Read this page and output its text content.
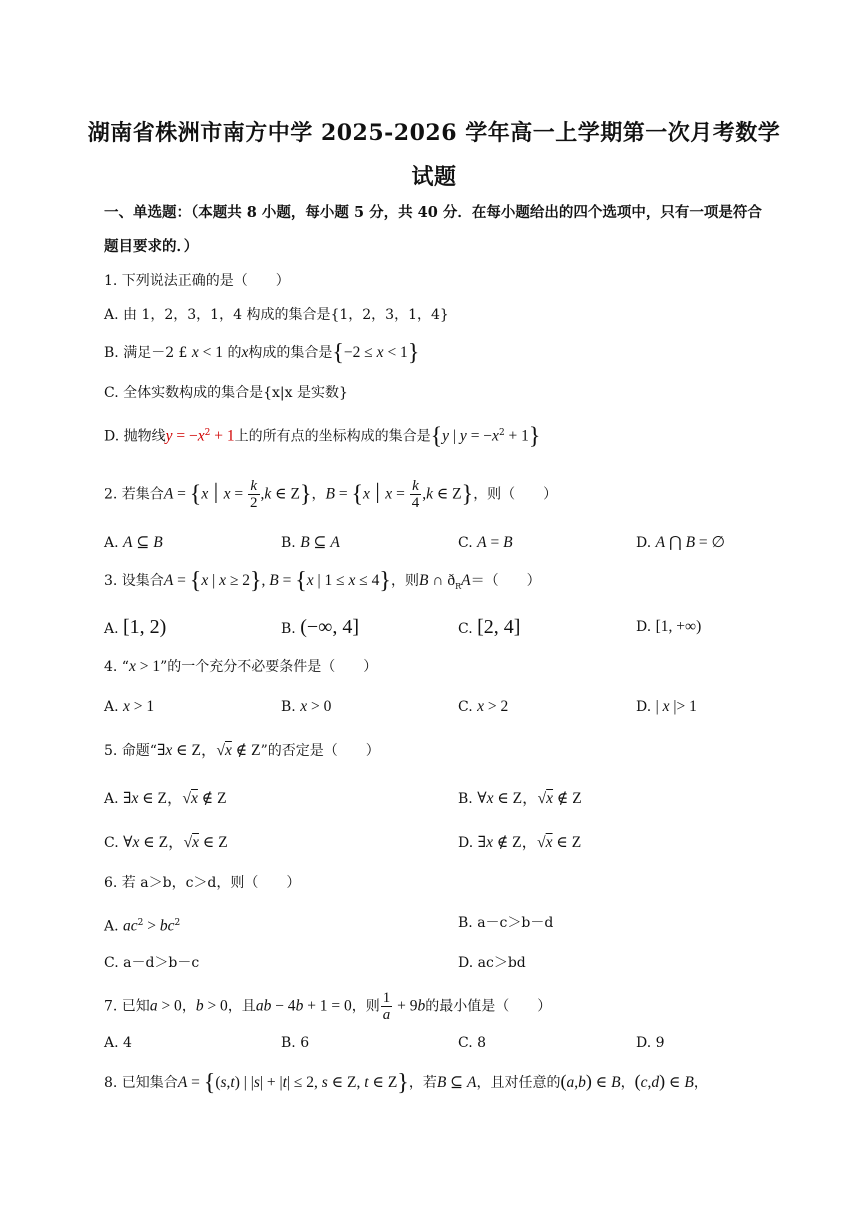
湖南省株洲市南方中学 2025-2026 学年高一上学期第一次月考数学
试题
一、单选题：（本题共 8 小题，每小题 5 分，共 40 分．在每小题给出的四个选项中，只有一项是符合题目要求的．）
1. 下列说法正确的是（　　）
A. 由 1，2，3，1，4 构成的集合是{1，2，3，1，4}
B. 满足－2 £ x < 1 的x构成的集合是{−2 ≤ x < 1}
C. 全体实数构成的集合是{x|x 是实数}
D. 抛物线$y = -x^2 + 1$上的所有点的坐标构成的集合是{y | $y = -x^2 + 1$}
2. 若集合A = {x | $x = \frac{k}{2} ,k$ ∈ Z}，B = {x | $x = \frac{k}{4} ,k$ ∈ Z}，则（　　）
A. A ⊆ B	B. B ⊆ A	C. A = B	D. A ⋂ B = ∅
3. 设集合A = {x | x ≥ 2}, B = {x | 1 ≤ x ≤ 4}，则B ∩ $ð_RA=$（　　）
A. [1, 2)	B. (−∞, 4]	C. [2, 4]	D. [1, +∞)
4. “x > 1”的一个充分不必要条件是（　　）
A. x > 1	B. x > 0	C. x > 2	D. | x |> 1
5. 命题“∃x ∈ Z，√x ∉ Z”的否定是（　　）
A. ∃x ∈ Z，√x ∉ Z	B. ∀x ∈ Z，√x ∉ Z
C. ∀x ∈ Z，√x ∈ Z	D. ∃x ∉ Z，√x ∈ Z
6. 若 a＞b，c＞d，则（　　）
A. $ac^2 > bc^2$	B. a－c＞b－d
C. a－d＞b－c	D. ac＞bd
7. 已知a > 0，b > 0，且ab − 4b + 1 = 0，则 $\frac{1}{a} + 9b$的最小值是（　　）
A. 4	B. 6	C. 8	D. 9
8. 已知集合A = {(s,t) | |s| + |t| ≤ 2, s ∈ Z, t ∈ Z}，若B ⊆ A，且对任意的(a,b) ∈ B，(c,d) ∈ B，
